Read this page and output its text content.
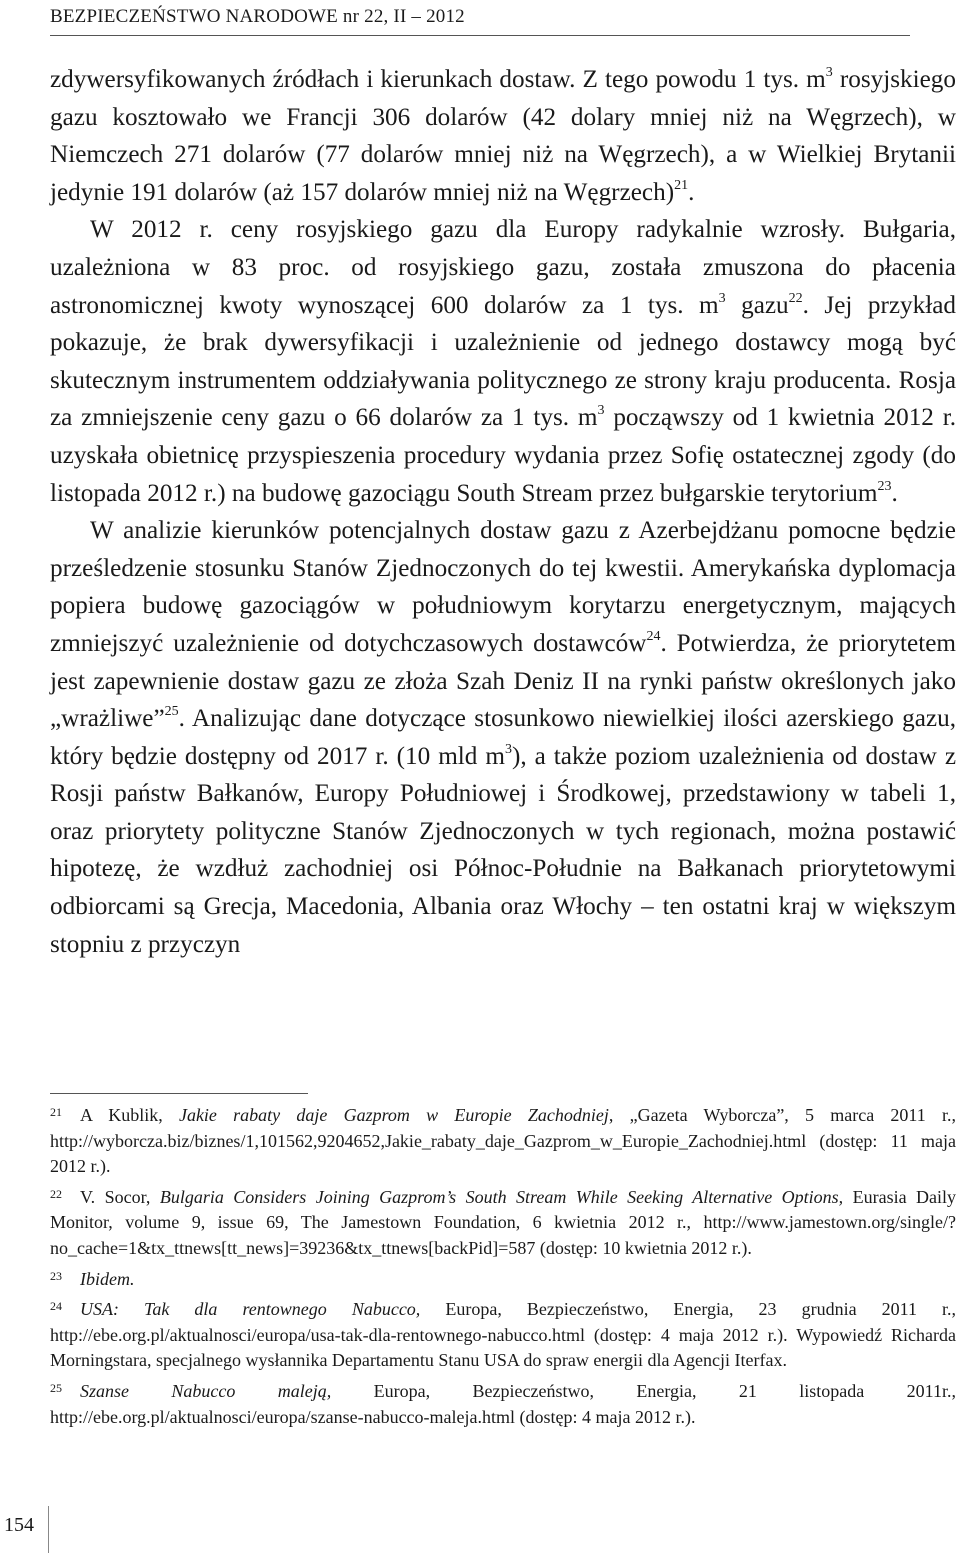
BEZPIECZEŃSTWO NARODOWE nr 22, II – 2012

zdywersyfikowanych źródłach i kierunkach dostaw. Z tego powodu 1 tys. $m^3$ rosyjskiego gazu kosztowało we Francji 306 dolarów (42 dolary mniej niż na Węgrzech), w Niemczech 271 dolarów (77 dolarów mniej niż na Węgrzech), a w Wielkiej Brytanii jedynie 191 dolarów (aż 157 dolarów mniej niż na Węgrzech)$^{21}$.

W 2012 r. ceny rosyjskiego gazu dla Europy radykalnie wzrosły. Bułgaria, uzależniona w 83 proc. od rosyjskiego gazu, została zmuszona do płacenia astronomicznej kwoty wynoszącej 600 dolarów za 1 tys. $m^3$ gazu$^{22}$. Jej przykład pokazuje, że brak dywersyfikacji i uzależnienie od jednego dostawcy mogą być skutecznym instrumentem oddziaływania politycznego ze strony kraju producenta. Rosja za zmniejszenie ceny gazu o 66 dolarów za 1 tys. $m^3$ począwszy od 1 kwietnia 2012 r. uzyskała obietnicę przyspieszenia procedury wydania przez Sofię ostatecznej zgody (do listopada 2012 r.) na budowę gazociągu South Stream przez bułgarskie terytorium$^{23}$.

W analizie kierunków potencjalnych dostaw gazu z Azerbejdżanu pomocne będzie prześledzenie stosunku Stanów Zjednoczonych do tej kwestii. Amerykańska dyplomacja popiera budowę gazociągów w południowym korytarzu energetycznym, mających zmniejszyć uzależnienie od dotychczasowych dostawców$^{24}$. Potwierdza, że priorytetem jest zapewnienie dostaw gazu ze złoża Szah Deniz II na rynki państw określonych jako „wrażliwe”$^{25}$. Analizując dane dotyczące stosunkowo niewielkiej ilości azerskiego gazu, który będzie dostępny od 2017 r. (10 mld $m^3$), a także poziom uzależnienia od dostaw z Rosji państw Bałkanów, Europy Południowej i Środkowej, przedstawiony w tabeli 1, oraz priorytety polityczne Stanów Zjednoczonych w tych regionach, można postawić hipotezę, że wzdłuż zachodniej osi Północ-Południe na Bałkanach priorytetowymi odbiorcami są Grecja, Macedonia, Albania oraz Włochy – ten ostatni kraj w większym stopniu z przyczyn

21 A Kublik, Jakie rabaty daje Gazprom w Europie Zachodniej, „Gazeta Wyborcza”, 5 marca 2011 r., http://wyborcza.biz/biznes/1,101562,9204652,Jakie_rabaty_daje_Gazprom_w_Europie_Zachodniej.html (dostęp: 11 maja 2012 r.).

22 V. Socor, Bulgaria Considers Joining Gazprom’s South Stream While Seeking Alternative Options, Eurasia Daily Monitor, volume 9, issue 69, The Jamestown Foundation, 6 kwietnia 2012 r., http://www.jamestown.org/single/?no_cache=1&tx_ttnews[tt_news]=39236&tx_ttnews[backPid]=587 (dostęp: 10 kwietnia 2012 r.).

23 Ibidem.

24 USA: Tak dla rentownego Nabucco, Europa, Bezpieczeństwo, Energia, 23 grudnia 2011 r., http://ebe.org.pl/aktualnosci/europa/usa-tak-dla-rentownego-nabucco.html (dostęp: 4 maja 2012 r.). Wypowiedź Richarda Morningstara, specjalnego wysłannika Departamentu Stanu USA do spraw energii dla Agencji Iterfax.

25 Szanse Nabucco maleją, Europa, Bezpieczeństwo, Energia, 21 listopada 2011r., http://ebe.org.pl/aktualnosci/europa/szanse-nabucco-maleja.html (dostęp: 4 maja 2012 r.).

154
